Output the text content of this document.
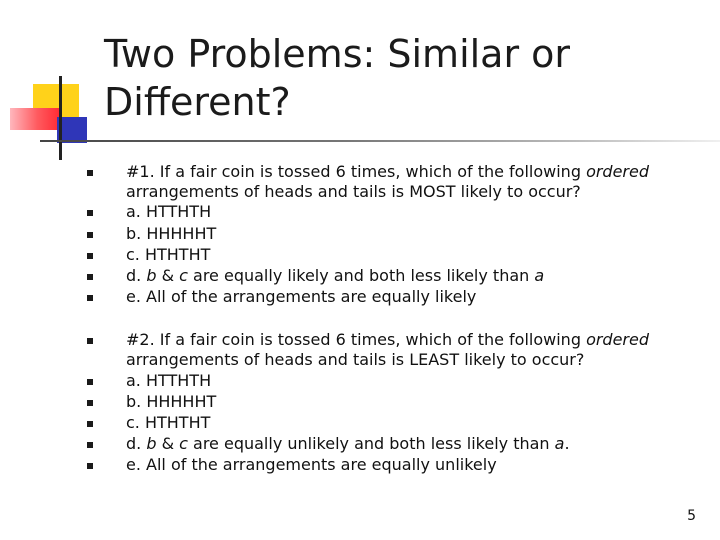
Two Problems: Similar or Different?
#1. If a fair coin is tossed 6 times, which of the following ordered
arrangements of heads and tails is MOST likely to occur?
a. HTTHTH
b. HHHHHT
c. HTHTHT
d. b & c are equally likely and both less likely than a
e. All of the arrangements are equally likely
#2. If a fair coin is tossed 6 times, which of the following ordered
arrangements of heads and tails is LEAST likely to occur?
a. HTTHTH
b. HHHHHT
c. HTHTHT
d. b & c are equally unlikely and both less likely than a.
e. All of the arrangements are equally unlikely
5
